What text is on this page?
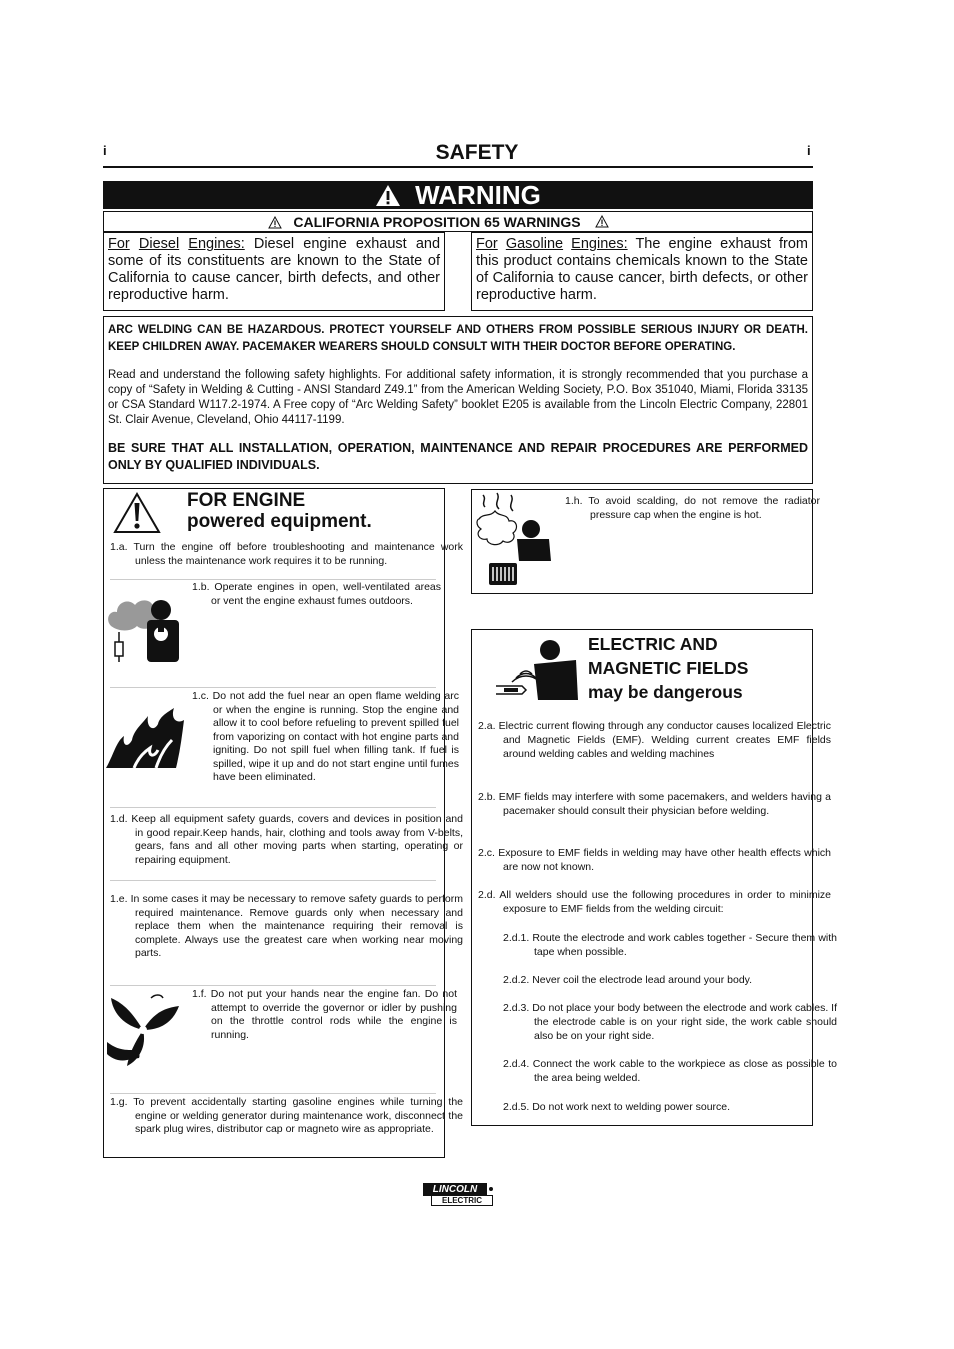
i	i
SAFETY
WARNING
CALIFORNIA PROPOSITION 65 WARNINGS
For Diesel Engines: Diesel engine exhaust and some of its constituents are known to the State of California to cause cancer, birth defects, and other reproductive harm.
For Gasoline Engines: The engine exhaust from this product contains chemicals known to the State of California to cause cancer, birth defects, or other reproductive harm.
ARC WELDING CAN BE HAZARDOUS. PROTECT YOURSELF AND OTHERS FROM POSSIBLE SERIOUS INJURY OR DEATH. KEEP CHILDREN AWAY. PACEMAKER WEARERS SHOULD CONSULT WITH THEIR DOCTOR BEFORE OPERATING.
Read and understand the following safety highlights. For additional safety information, it is strongly recommended that you purchase a copy of “Safety in Welding & Cutting - ANSI Standard Z49.1” from the American Welding Society, P.O. Box 351040, Miami, Florida 33135 or CSA Standard W117.2-1974. A Free copy of “Arc Welding Safety” booklet E205 is available from the Lincoln Electric Company, 22801 St. Clair Avenue, Cleveland, Ohio 44117-1199.
BE SURE THAT ALL INSTALLATION, OPERATION, MAINTENANCE AND REPAIR PROCEDURES ARE PERFORMED ONLY BY QUALIFIED INDIVIDUALS.
FOR ENGINE
powered equipment.
1.a. Turn the engine off before troubleshooting and maintenance work unless the maintenance work requires it to be running.
1.b. Operate engines in open, well-ventilated areas or vent the engine exhaust fumes outdoors.
1.c. Do not add the fuel near an open flame welding arc or when the engine is running. Stop the engine and allow it to cool before refueling to prevent spilled fuel from vaporizing on contact with hot engine parts and igniting. Do not spill fuel when filling tank. If fuel is spilled, wipe it up and do not start engine until fumes have been eliminated.
1.d. Keep all equipment safety guards, covers and devices in position and in good repair.Keep hands, hair, clothing and tools away from V-belts, gears, fans and all other moving parts when starting, operating or repairing equipment.
1.e. In some cases it may be necessary to remove safety guards to perform required maintenance. Remove guards only when necessary and replace them when the maintenance requiring their removal is complete. Always use the greatest care when working near moving parts.
1.f. Do not put your hands near the engine fan. Do not attempt to override the governor or idler by pushing on the throttle control rods while the engine is running.
1.g. To prevent accidentally starting gasoline engines while turning the engine or welding generator during maintenance work, disconnect the spark plug wires, distributor cap or magneto wire as appropriate.
1.h. To avoid scalding, do not remove the radiator pressure cap when the engine is hot.
ELECTRIC AND
MAGNETIC FIELDS
may be dangerous
2.a. Electric current flowing through any conductor causes localized Electric and Magnetic Fields (EMF). Welding current creates EMF fields around welding cables and welding machines
2.b. EMF fields may interfere with some pacemakers, and welders having a pacemaker should consult their physician before welding.
2.c. Exposure to EMF fields in welding may have other health effects which are now not known.
2.d. All welders should use the following procedures in order to minimize exposure to EMF fields from the welding circuit:
2.d.1. Route the electrode and work cables together - Secure them with tape when possible.
2.d.2. Never coil the electrode lead around your body.
2.d.3. Do not place your body between the electrode and work cables. If the electrode cable is on your right side, the work cable should also be on your right side.
2.d.4. Connect the work cable to the workpiece as close as possible to the area being welded.
2.d.5. Do not work next to welding power source.
LINCOLN
ELECTRIC
